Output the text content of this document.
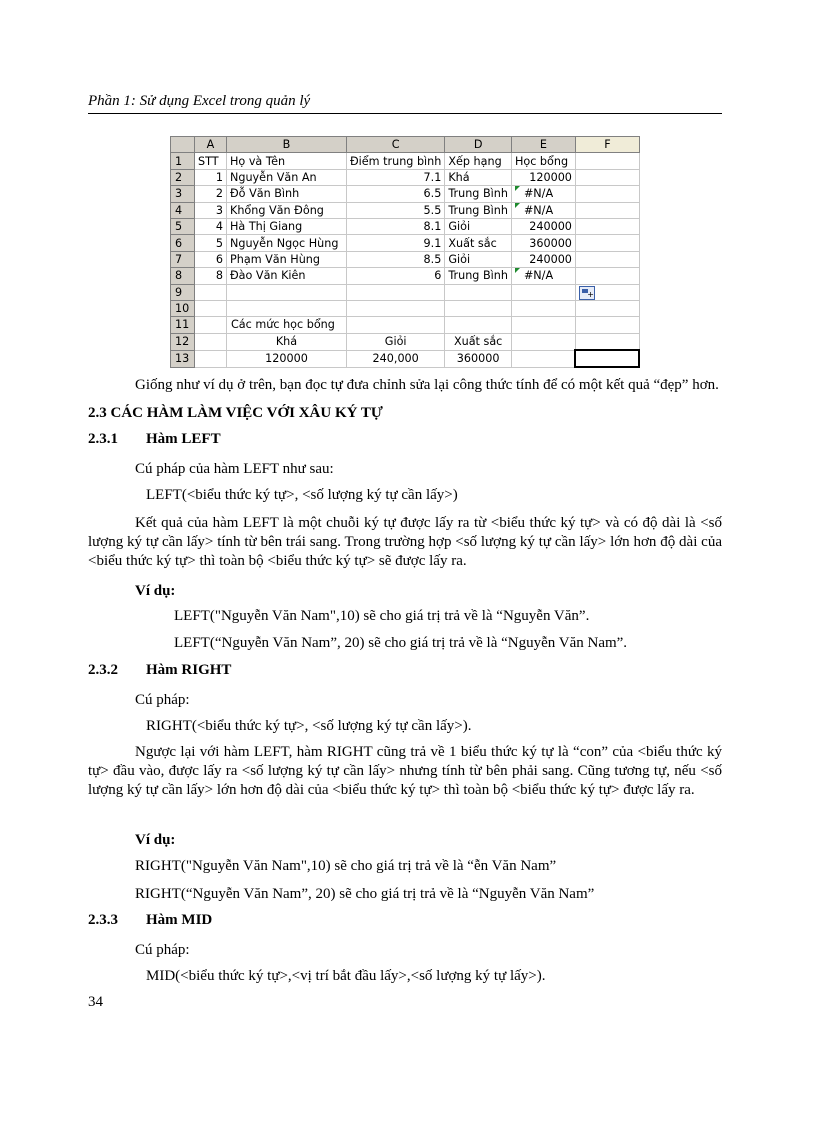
Phần 1: Sử dụng Excel trong quản lý
	A	B	C	D	E	F
1	STT	Họ và Tên	Điểm trung bình	Xếp hạng	Học bổng	
2	1	Nguyễn Văn An	7.1	Khá	120000	
3	2	Đỗ Văn Bình	6.5	Trung Bình	#N/A	
4	3	Khổng Văn Đông	5.5	Trung Bình	#N/A	
5	4	Hà Thị Giang	8.1	Giỏi	240000	
6	5	Nguyễn Ngọc Hùng	9.1	Xuất sắc	360000	
7	6	Phạm Văn Hùng	8.5	Giỏi	240000	
8	8	Đào Văn Kiên	6	Trung Bình	#N/A	
9						+
10						
11		Các mức học bổng				
12		Khá	Giỏi	Xuất sắc		
13		120000	240,000	360000		
Giống như ví dụ ở trên, bạn đọc tự đưa chỉnh sửa lại công thức tính để có một kết quả “đẹp” hơn.
2.3 CÁC HÀM LÀM VIỆC VỚI XÂU KÝ TỰ
2.3.1 Hàm LEFT
Cú pháp của hàm LEFT như sau:
LEFT(<biểu thức ký tự>, <số lượng ký tự cần lấy>)
Kết quả của hàm LEFT là một chuỗi ký tự được lấy ra từ <biểu thức ký tự> và có độ dài là <số lượng ký tự cần lấy> tính từ bên trái sang. Trong trường hợp <số lượng ký tự cần lấy> lớn hơn độ dài của <biểu thức ký tự> thì toàn bộ <biểu thức ký tự> sẽ được lấy ra.
Ví dụ:
LEFT("Nguyễn Văn Nam",10) sẽ cho giá trị trả về là “Nguyễn Văn”.
LEFT(“Nguyễn Văn Nam”, 20) sẽ cho giá trị trả về là “Nguyễn Văn Nam”.
2.3.2 Hàm RIGHT
Cú pháp:
RIGHT(<biểu thức ký tự>, <số lượng ký tự cần lấy>).
Ngược lại với hàm LEFT, hàm RIGHT cũng trả về 1 biểu thức ký tự là “con” của <biểu thức ký tự> đầu vào, được lấy ra <số lượng ký tự cần lấy> nhưng tính từ bên phải sang. Cũng tương tự, nếu <số lượng ký tự cần lấy> lớn hơn độ dài của <biểu thức ký tự> thì toàn bộ <biểu thức ký tự> được lấy ra.
Ví dụ:
RIGHT("Nguyễn Văn Nam",10) sẽ cho giá trị trả về là “ễn Văn Nam”
RIGHT(“Nguyễn Văn Nam”, 20) sẽ cho giá trị trả về là “Nguyễn Văn Nam”
2.3.3 Hàm MID
Cú pháp:
MID(<biểu thức ký tự>,<vị trí bắt đầu lấy>,<số lượng ký tự lấy>).
34
